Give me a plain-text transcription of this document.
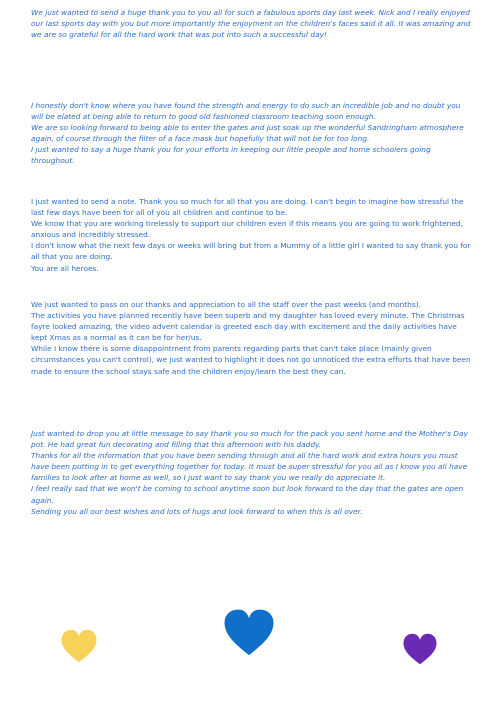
We just wanted to send a huge thank you to you all for such a fabulous sports day last week. Nick and I really enjoyed our last sports day with you but more importantly the enjoyment on the children's faces said it all. It was amazing and we are so grateful for all the hard work that was put into such a successful day!

I honestly don't know where you have found the strength and energy to do such an incredible job and no doubt you will be elated at being able to return to good old fashioned classroom teaching soon enough.

We are so looking forward to being able to enter the gates and just soak up the wonderful Sandringham atmosphere again, of course through the filter of a face mask but hopefully that will not be for too long.

I just wanted to say a huge thank you for your efforts in keeping our little people and home schoolers going throughout.

I just wanted to send a note. Thank you so much for all that you are doing. I can't begin to imagine how stressful the last few days have been for all of you all children and continue to be.

We know that you are working tirelessly to support our children even if this means you are going to work frightened, anxious and incredibly stressed.

I don't know what the next few days or weeks will bring but from a Mummy of a little girl I wanted to say thank you for all that you are doing.

You are all heroes.

We just wanted to pass on our thanks and appreciation to all the staff over the past weeks (and months).

The activities you have planned recently have been superb and my daughter has loved every minute. The Christmas fayre looked amazing, the video advent calendar is greeted each day with excitement and the daily activities have kept Xmas as a normal as it can be for her/us.

While I know there is some disappointment from parents regarding parts that can't take place (mainly given circumstances you can't control), we just wanted to highlight it does not go unnoticed the extra efforts that have been made to ensure the school stays safe and the children enjoy/learn the best they can.

Just wanted to drop you at little message to say thank you so much for the pack you sent home and the Mother's Day pot. He had great fun decorating and filling that this afternoon with his daddy.

Thanks for all the information that you have been sending through and all the hard work and extra hours you must have been putting in to get everything together for today. It must be super stressful for you all as I know you all have families to look after at home as well, so I just want to say thank you we really do appreciate it.

I feel really sad that we won't be coming to school anytime soon but look forward to the day that the gates are open again.

Sending you all our best wishes and lots of hugs and look forward to when this is all over.
